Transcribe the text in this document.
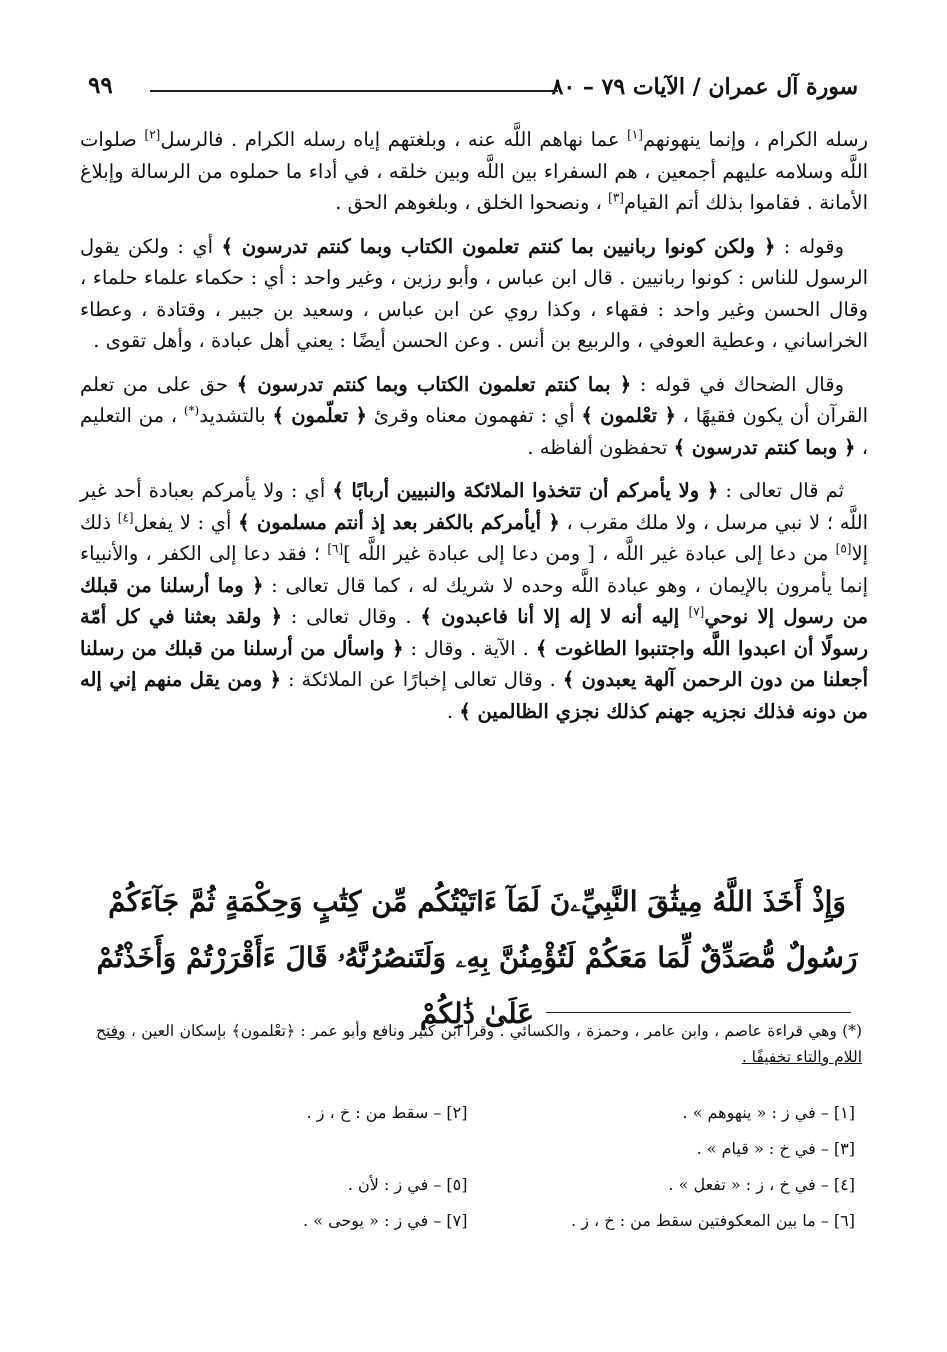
سورة آل عمران / الآيات ٧٩ – ٨٠
٩٩

رسله الكرام ، وإنما ينهونهم[١] عما نهاهم اللَّه عنه ، وبلغتهم إياه رسله الكرام . فالرسل[٢] صلوات اللَّه وسلامه عليهم أجمعين ، هم السفراء بين اللَّه وبين خلقه ، في أداء ما حملوه من الرسالة وإبلاغ الأمانة . فقاموا بذلك أتم القيام[٣] ، ونصحوا الخلق ، وبلغوهم الحق .

وقوله : ﴿ ولكن كونوا ربانيين بما كنتم تعلمون الكتاب وبما كنتم تدرسون ﴾ أي : ولكن يقول الرسول للناس : كونوا ربانيين . قال ابن عباس ، وأبو رزين ، وغير واحد : أي : حكماء علماء حلماء ، وقال الحسن وغير واحد : فقهاء ، وكذا روي عن ابن عباس ، وسعيد بن جبير ، وقتادة ، وعطاء الخراساني ، وعطية العوفي ، والربيع بن أنس . وعن الحسن أيضًا : يعني أهل عبادة ، وأهل تقوى .

وقال الضحاك في قوله : ﴿ بما كنتم تعلمون الكتاب وبما كنتم تدرسون ﴾ حق على من تعلم القرآن أن يكون فقيهًا ، ﴿ تعْلمون ﴾ أي : تفهمون معناه وقرئ ﴿ تعلّمون ﴾ بالتشديد(*) ، من التعليم ، ﴿ وبما كنتم تدرسون ﴾ تحفظون ألفاظه .

ثم قال تعالى : ﴿ ولا يأمركم أن تتخذوا الملائكة والنبيين أربابًا ﴾ أي : ولا يأمركم بعبادة أحد غير اللَّه ؛ لا نبي مرسل ، ولا ملك مقرب ، ﴿ أيأمركم بالكفر بعد إذ أنتم مسلمون ﴾ أي : لا يفعل[٤] ذلك إلا[٥] من دعا إلى عبادة غير اللَّه ، [ ومن دعا إلى عبادة غير اللَّه ][٦] ؛ فقد دعا إلى الكفر ، والأنبياء إنما يأمرون بالإيمان ، وهو عبادة اللَّه وحده لا شريك له ، كما قال تعالى : ﴿ وما أرسلنا من قبلك من رسول إلا نوحي[٧] إليه أنه لا إله إلا أنا فاعبدون ﴾ . وقال تعالى : ﴿ ولقد بعثنا في كل أمّة رسولًا أن اعبدوا اللَّه واجتنبوا الطاغوت ﴾ . الآية . وقال : ﴿ واسأل من أرسلنا من قبلك من رسلنا أجعلنا من دون الرحمن آلهة يعبدون ﴾ . وقال تعالى إخبارًا عن الملائكة : ﴿ ومن يقل منهم إني إله من دونه فذلك نجزيه جهنم كذلك نجزي الظالمين ﴾ .

وَإِذْ أَخَذَ اللَّهُ مِيثَٰقَ النَّبِيِّۦنَ لَمَآ ءَاتَيْتُكُم مِّن كِتَٰبٍ وَحِكْمَةٍ ثُمَّ جَآءَكُمْ رَسُولٌ مُّصَدِّقٌ لِّمَا مَعَكُمْ لَتُؤْمِنُنَّ بِهِۦ وَلَتَنصُرُنَّهُۥ قَالَ ءَأَقْرَرْتُمْ وَأَخَذْتُمْ عَلَىٰ ذَٰلِكُمْ
(*) وهي قراءة عاصم ، وابن عامر ، وحمزة ، والكسائي . وقرأ ابن كثير ونافع وأبو عمر : ﴿تعْلمون﴾ بإسكان العين ، وفتح اللام والتاء تخفيفًا .
[١] – في ز : « ينهوهم » .
[٢] – سقط من : خ ، ز .
[٣] – في خ : « قيام » .
[٤] – في خ ، ز : « تفعل » .
[٥] – في ز : لأن .
[٦] – ما بين المعكوفتين سقط من : خ ، ز .
[٧] – في ز : « يوحى » .
